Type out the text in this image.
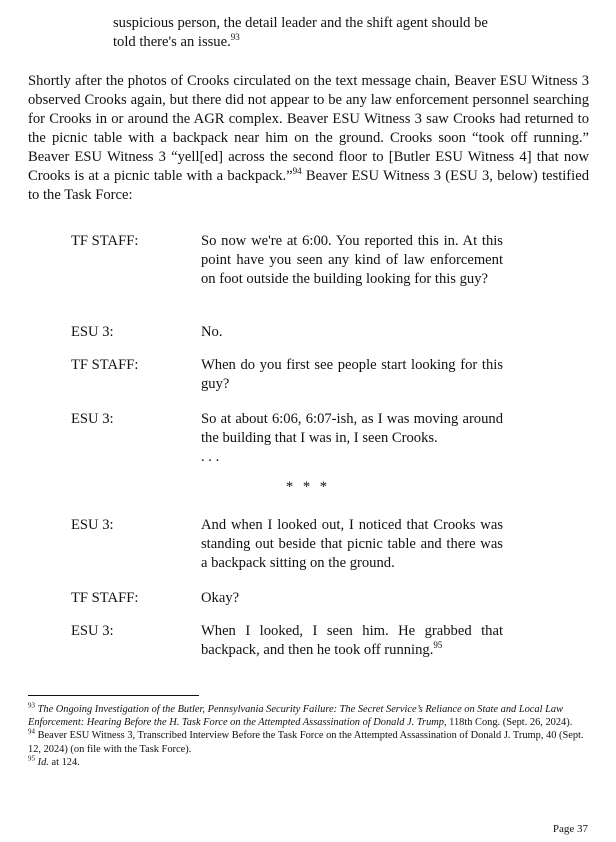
suspicious person, the detail leader and the shift agent should be told there's an issue.$^{93}$
Shortly after the photos of Crooks circulated on the text message chain, Beaver ESU Witness 3 observed Crooks again, but there did not appear to be any law enforcement personnel searching for Crooks in or around the AGR complex. Beaver ESU Witness 3 saw Crooks had returned to the picnic table with a backpack near him on the ground. Crooks soon “took off running.” Beaver ESU Witness 3 “yell[ed] across the second floor to [Butler ESU Witness 4] that now Crooks is at a picnic table with a backpack.”$^{94}$ Beaver ESU Witness 3 (ESU 3, below) testified to the Task Force:
TF STAFF:	So now we're at 6:00. You reported this in. At this point have you seen any kind of law enforcement on foot outside the building looking for this guy?
ESU 3:	No.
TF STAFF:	When do you first see people start looking for this guy?
ESU 3:	So at about 6:06, 6:07-ish, as I was moving around the building that I was in, I seen Crooks.
. . .
* * *
ESU 3:	And when I looked out, I noticed that Crooks was standing out beside that picnic table and there was a backpack sitting on the ground.
TF STAFF:	Okay?
ESU 3:	When I looked, I seen him. He grabbed that backpack, and then he took off running.$^{95}$

$^{93}$ The Ongoing Investigation of the Butler, Pennsylvania Security Failure: The Secret Service’s Reliance on State and Local Law Enforcement: Hearing Before the H. Task Force on the Attempted Assassination of Donald J. Trump, 118th Cong. (Sept. 26, 2024).

$^{94}$ Beaver ESU Witness 3, Transcribed Interview Before the Task Force on the Attempted Assassination of Donald J. Trump, 40 (Sept. 12, 2024) (on file with the Task Force).

$^{95}$ Id. at 124.

Page 37
